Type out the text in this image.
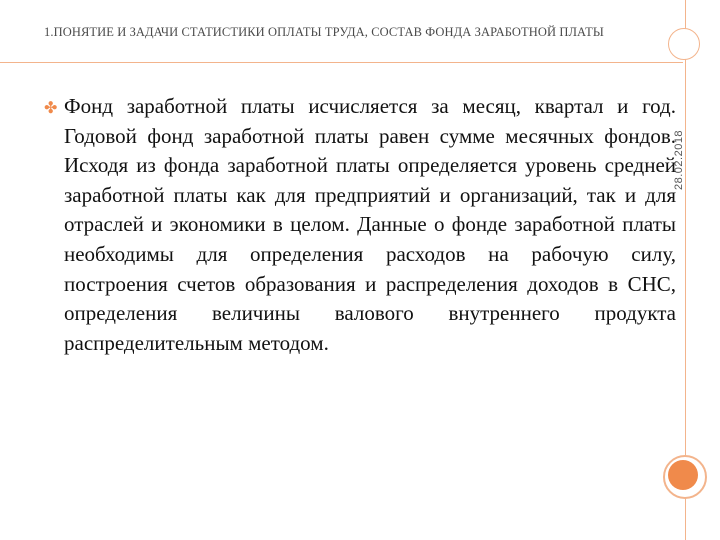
1.ПОНЯТИЕ И ЗАДАЧИ СТАТИСТИКИ ОПЛАТЫ ТРУДА, СОСТАВ ФОНДА ЗАРАБОТНОЙ ПЛАТЫ
28.02.2018
✤ Фонд заработной платы исчисляется за месяц, квартал и год. Годовой фонд заработной платы равен сумме месячных фондов. Исходя из фонда заработной платы определяется уровень средней заработной платы как для предприятий и организаций, так и для отраслей и экономики в целом. Данные о фонде заработной платы необходимы для определения расходов на рабочую силу, построения счетов образования и распределения доходов в СНС, определения величины валового внутреннего продукта распределительным методом.
